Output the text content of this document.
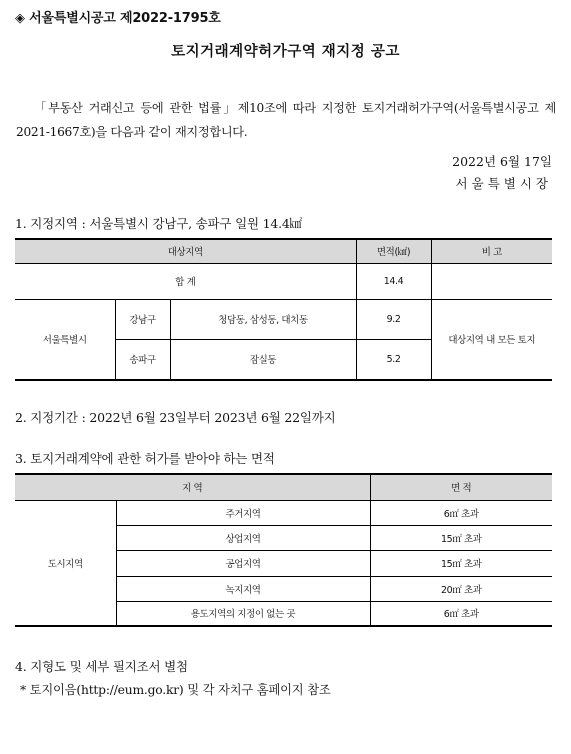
◈ 서울특별시공고 제2022-1795호
토지거래계약허가구역 재지정 공고
「부동산 거래신고 등에 관한 법률」제10조에 따라 지정한 토지거래허가구역(서울특별시공고 제2021-1667호)을 다음과 같이 재지정합니다.
2022년 6월 17일
서울특별시장
1. 지정지역 : 서울특별시 강남구, 송파구 일원 14.4㎢
대상지역			면적(㎢)	비 고
합 계			14.4	
서울특별시	강남구	청담동, 삼성동, 대치동	9.2	대상지역 내 모든 토지
	송파구	잠실동	5.2	
2. 지정기간 : 2022년 6월 23일부터 2023년 6월 22일까지
3. 토지거래계약에 관한 허가를 받아야 하는 면적
지 역		면 적
도시지역	주거지역	6㎡ 초과
	상업지역	15㎡ 초과
	공업지역	15㎡ 초과
	녹지지역	20㎡ 초과
	용도지역의 지정이 없는 곳	6㎡ 초과
4. 지형도 및 세부 필지조서 별첨
* 토지이음(http://eum.go.kr) 및 각 자치구 홈페이지 참조
